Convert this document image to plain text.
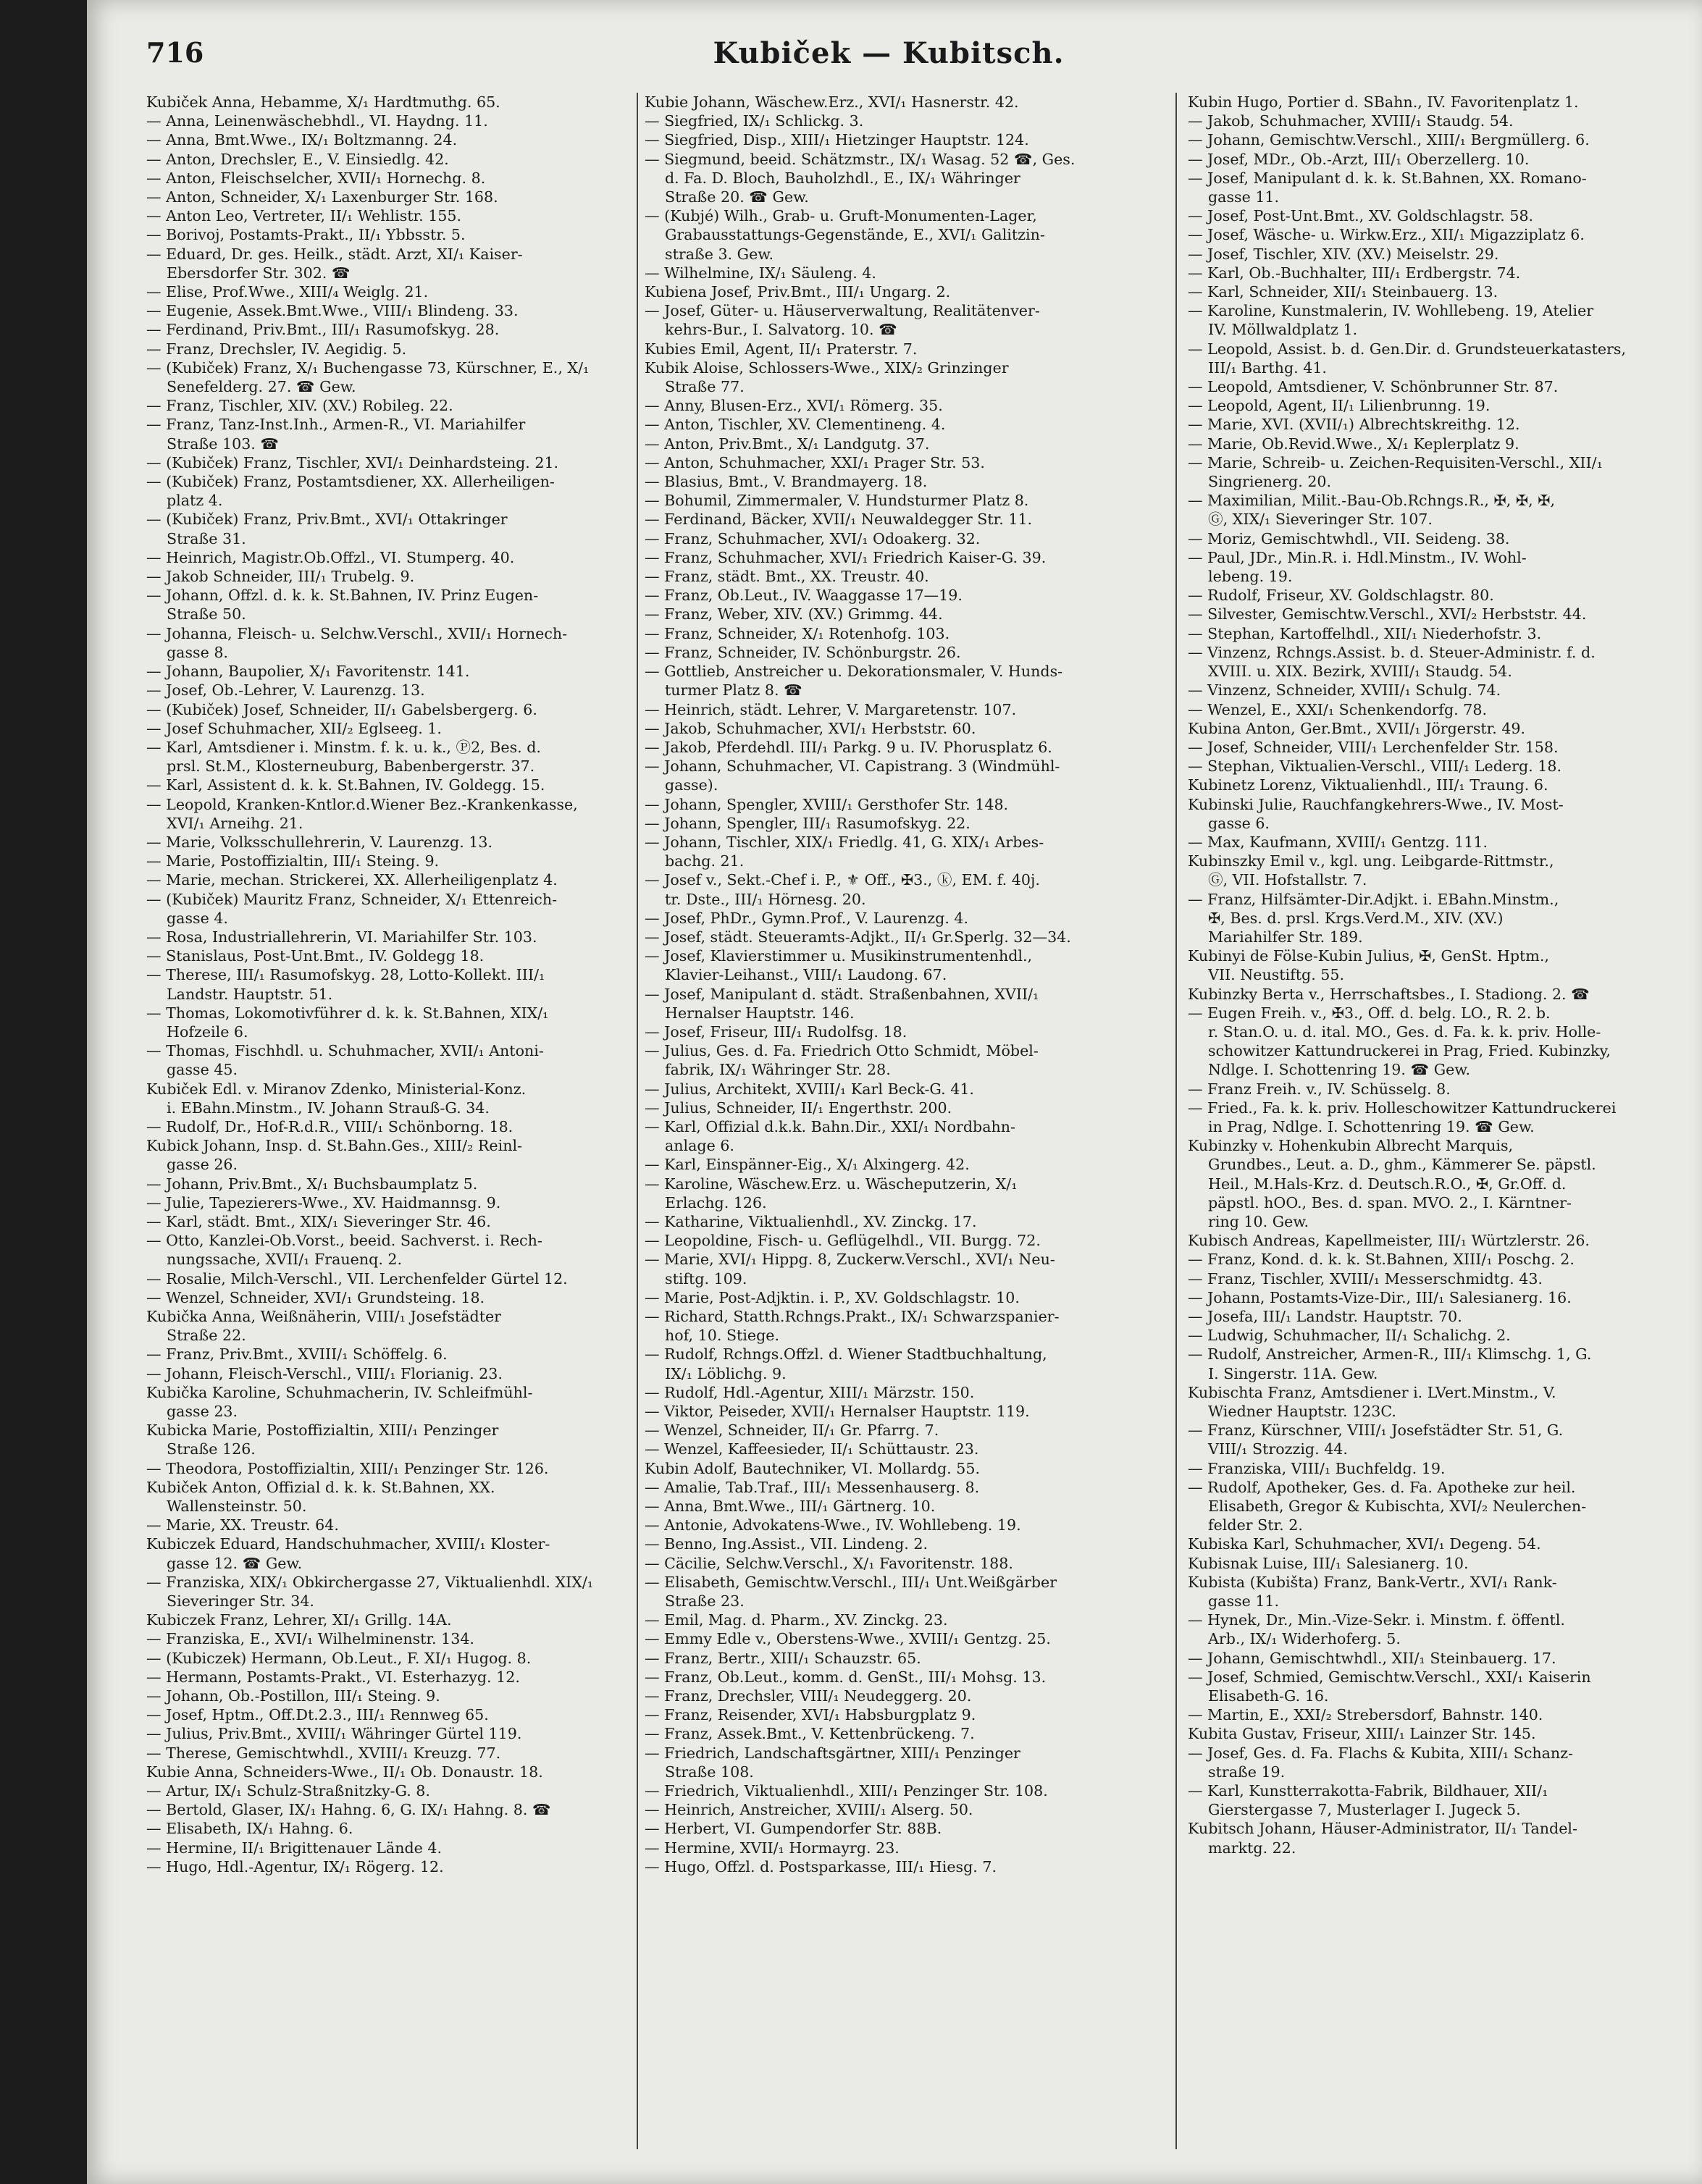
716	Kubiček — Kubitsch.
Kubiček Anna, Hebamme, X/₁ Hardtmuthg. 65.
— Anna, Leinenwäschebhdl., VI. Haydng. 11.
— Anna, Bmt.Wwe., IX/₁ Boltzmanng. 24.
— Anton, Drechsler, E., V. Einsiedlg. 42.
— Anton, Fleischselcher, XVII/₁ Hornechg. 8.
— Anton, Schneider, X/₁ Laxenburger Str. 168.
— Anton Leo, Vertreter, II/₁ Wehlistr. 155.
— Borivoj, Postamts-Prakt., II/₁ Ybbsstr. 5.
— Eduard, Dr. ges. Heilk., städt. Arzt, XI/₁ Kaiser-
Ebersdorfer Str. 302. ☎
— Elise, Prof.Wwe., XIII/₄ Weiglg. 21.
— Eugenie, Assek.Bmt.Wwe., VIII/₁ Blindeng. 33.
— Ferdinand, Priv.Bmt., III/₁ Rasumofskyg. 28.
— Franz, Drechsler, IV. Aegidig. 5.
— (Kubiček) Franz, X/₁ Buchengasse 73, Kürschner, E., X/₁
Senefelderg. 27. ☎ Gew.
— Franz, Tischler, XIV. (XV.) Robileg. 22.
— Franz, Tanz-Inst.Inh., Armen-R., VI. Mariahilfer
Straße 103. ☎
— (Kubiček) Franz, Tischler, XVI/₁ Deinhardsteing. 21.
— (Kubiček) Franz, Postamtsdiener, XX. Allerheiligen-
platz 4.
— (Kubiček) Franz, Priv.Bmt., XVI/₁ Ottakringer
Straße 31.
— Heinrich, Magistr.Ob.Offzl., VI. Stumperg. 40.
— Jakob Schneider, III/₁ Trubelg. 9.
— Johann, Offzl. d. k. k. St.Bahnen, IV. Prinz Eugen-
Straße 50.
— Johanna, Fleisch- u. Selchw.Verschl., XVII/₁ Hornech-
gasse 8.
— Johann, Baupolier, X/₁ Favoritenstr. 141.
— Josef, Ob.-Lehrer, V. Laurenzg. 13.
— (Kubiček) Josef, Schneider, II/₁ Gabelsbergerg. 6.
— Josef Schuhmacher, XII/₂ Eglseeg. 1.
— Karl, Amtsdiener i. Minstm. f. k. u. k., Ⓟ2, Bes. d.
prsl. St.M., Klosterneuburg, Babenbergerstr. 37.
— Karl, Assistent d. k. k. St.Bahnen, IV. Goldegg. 15.
— Leopold, Kranken-Kntlor.d.Wiener Bez.-Krankenkasse,
XVI/₁ Arneihg. 21.
— Marie, Volksschullehrerin, V. Laurenzg. 13.
— Marie, Postoffizialtin, III/₁ Steing. 9.
— Marie, mechan. Strickerei, XX. Allerheiligenplatz 4.
— (Kubiček) Mauritz Franz, Schneider, X/₁ Ettenreich-
gasse 4.
— Rosa, Industriallehrerin, VI. Mariahilfer Str. 103.
— Stanislaus, Post-Unt.Bmt., IV. Goldegg 18.
— Therese, III/₁ Rasumofskyg. 28, Lotto-Kollekt. III/₁
Landstr. Hauptstr. 51.
— Thomas, Lokomotivführer d. k. k. St.Bahnen, XIX/₁
Hofzeile 6.
— Thomas, Fischhdl. u. Schuhmacher, XVII/₁ Antoni-
gasse 45.
Kubiček Edl. v. Miranov Zdenko, Ministerial-Konz.
i. EBahn.Minstm., IV. Johann Strauß-G. 34.
— Rudolf, Dr., Hof-R.d.R., VIII/₁ Schönborng. 18.
Kubick Johann, Insp. d. St.Bahn.Ges., XIII/₂ Reinl-
gasse 26.
— Johann, Priv.Bmt., X/₁ Buchsbaumplatz 5.
— Julie, Tapezierers-Wwe., XV. Haidmannsg. 9.
— Karl, städt. Bmt., XIX/₁ Sieveringer Str. 46.
— Otto, Kanzlei-Ob.Vorst., beeid. Sachverst. i. Rech-
nungssache, XVII/₁ Frauenq. 2.
— Rosalie, Milch-Verschl., VII. Lerchenfelder Gürtel 12.
— Wenzel, Schneider, XVI/₁ Grundsteing. 18.
Kubička Anna, Weißnäherin, VIII/₁ Josefstädter
Straße 22.
— Franz, Priv.Bmt., XVIII/₁ Schöffelg. 6.
— Johann, Fleisch-Verschl., VIII/₁ Florianig. 23.
Kubička Karoline, Schuhmacherin, IV. Schleifmühl-
gasse 23.
Kubicka Marie, Postoffizialtin, XIII/₁ Penzinger
Straße 126.
— Theodora, Postoffizialtin, XIII/₁ Penzinger Str. 126.
Kubiček Anton, Offizial d. k. k. St.Bahnen, XX.
Wallensteinstr. 50.
— Marie, XX. Treustr. 64.
Kubiczek Eduard, Handschuhmacher, XVIII/₁ Kloster-
gasse 12. ☎ Gew.
— Franziska, XIX/₁ Obkirchergasse 27, Viktualienhdl. XIX/₁
Sieveringer Str. 34.
Kubiczek Franz, Lehrer, XI/₁ Grillg. 14A.
— Franziska, E., XVI/₁ Wilhelminenstr. 134.
— (Kubiczek) Hermann, Ob.Leut., F. XI/₁ Hugog. 8.
— Hermann, Postamts-Prakt., VI. Esterhazyg. 12.
— Johann, Ob.-Postillon, III/₁ Steing. 9.
— Josef, Hptm., Off.Dt.2.3., III/₁ Rennweg 65.
— Julius, Priv.Bmt., XVIII/₁ Währinger Gürtel 119.
— Therese, Gemischtwhdl., XVIII/₁ Kreuzg. 77.
Kubie Anna, Schneiders-Wwe., II/₁ Ob. Donaustr. 18.
— Artur, IX/₁ Schulz-Straßnitzky-G. 8.
— Bertold, Glaser, IX/₁ Hahng. 6, G. IX/₁ Hahng. 8. ☎
— Elisabeth, IX/₁ Hahng. 6.
— Hermine, II/₁ Brigittenauer Lände 4.
— Hugo, Hdl.-Agentur, IX/₁ Rögerg. 12.
Kubie Johann, Wäschew.Erz., XVI/₁ Hasnerstr. 42.
— Siegfried, IX/₁ Schlickg. 3.
— Siegfried, Disp., XIII/₁ Hietzinger Hauptstr. 124.
— Siegmund, beeid. Schätzmstr., IX/₁ Wasag. 52 ☎, Ges.
d. Fa. D. Bloch, Bauholzhdl., E., IX/₁ Währinger
Straße 20. ☎ Gew.
— (Kubjé) Wilh., Grab- u. Gruft-Monumenten-Lager,
Grabausstattungs-Gegenstände, E., XVI/₁ Galitzin-
straße 3. Gew.
— Wilhelmine, IX/₁ Säuleng. 4.
Kubiena Josef, Priv.Bmt., III/₁ Ungarg. 2.
— Josef, Güter- u. Häuserverwaltung, Realitätenver-
kehrs-Bur., I. Salvatorg. 10. ☎
Kubies Emil, Agent, II/₁ Praterstr. 7.
Kubik Aloise, Schlossers-Wwe., XIX/₂ Grinzinger
Straße 77.
— Anny, Blusen-Erz., XVI/₁ Römerg. 35.
— Anton, Tischler, XV. Clementineng. 4.
— Anton, Priv.Bmt., X/₁ Landgutg. 37.
— Anton, Schuhmacher, XXI/₁ Prager Str. 53.
— Blasius, Bmt., V. Brandmayerg. 18.
— Bohumil, Zimmermaler, V. Hundsturmer Platz 8.
— Ferdinand, Bäcker, XVII/₁ Neuwaldegger Str. 11.
— Franz, Schuhmacher, XVI/₁ Odoakerg. 32.
— Franz, Schuhmacher, XVI/₁ Friedrich Kaiser-G. 39.
— Franz, städt. Bmt., XX. Treustr. 40.
— Franz, Ob.Leut., IV. Waaggasse 17—19.
— Franz, Weber, XIV. (XV.) Grimmg. 44.
— Franz, Schneider, X/₁ Rotenhofg. 103.
— Franz, Schneider, IV. Schönburgstr. 26.
— Gottlieb, Anstreicher u. Dekorationsmaler, V. Hunds-
turmer Platz 8. ☎
— Heinrich, städt. Lehrer, V. Margaretenstr. 107.
— Jakob, Schuhmacher, XVI/₁ Herbststr. 60.
— Jakob, Pferdehdl. III/₁ Parkg. 9 u. IV. Phorusplatz 6.
— Johann, Schuhmacher, VI. Capistrang. 3 (Windmühl-
gasse).
— Johann, Spengler, XVIII/₁ Gersthofer Str. 148.
— Johann, Spengler, III/₁ Rasumofskyg. 22.
— Johann, Tischler, XIX/₁ Friedlg. 41, G. XIX/₁ Arbes-
bachg. 21.
— Josef v., Sekt.-Chef i. P., ⚜ Off., ✠3., ⓚ, EM. f. 40j.
tr. Dste., III/₁ Hörnesg. 20.
— Josef, PhDr., Gymn.Prof., V. Laurenzg. 4.
— Josef, städt. Steueramts-Adjkt., II/₁ Gr.Sperlg. 32—34.
— Josef, Klavierstimmer u. Musikinstrumentenhdl.,
Klavier-Leihanst., VIII/₁ Laudong. 67.
— Josef, Manipulant d. städt. Straßenbahnen, XVII/₁
Hernalser Hauptstr. 146.
— Josef, Friseur, III/₁ Rudolfsg. 18.
— Julius, Ges. d. Fa. Friedrich Otto Schmidt, Möbel-
fabrik, IX/₁ Währinger Str. 28.
— Julius, Architekt, XVIII/₁ Karl Beck-G. 41.
— Julius, Schneider, II/₁ Engerthstr. 200.
— Karl, Offizial d.k.k. Bahn.Dir., XXI/₁ Nordbahn-
anlage 6.
— Karl, Einspänner-Eig., X/₁ Alxingerg. 42.
— Karoline, Wäschew.Erz. u. Wäscheputzerin, X/₁
Erlachg. 126.
— Katharine, Viktualienhdl., XV. Zinckg. 17.
— Leopoldine, Fisch- u. Geflügelhdl., VII. Burgg. 72.
— Marie, XVI/₁ Hippg. 8, Zuckerw.Verschl., XVI/₁ Neu-
stiftg. 109.
— Marie, Post-Adjktin. i. P., XV. Goldschlagstr. 10.
— Richard, Statth.Rchngs.Prakt., IX/₁ Schwarzspanier-
hof, 10. Stiege.
— Rudolf, Rchngs.Offzl. d. Wiener Stadtbuchhaltung,
IX/₁ Löblichg. 9.
— Rudolf, Hdl.-Agentur, XIII/₁ Märzstr. 150.
— Viktor, Peiseder, XVII/₁ Hernalser Hauptstr. 119.
— Wenzel, Schneider, II/₁ Gr. Pfarrg. 7.
— Wenzel, Kaffeesieder, II/₁ Schüttaustr. 23.
Kubin Adolf, Bautechniker, VI. Mollardg. 55.
— Amalie, Tab.Traf., III/₁ Messenhauserg. 8.
— Anna, Bmt.Wwe., III/₁ Gärtnerg. 10.
— Antonie, Advokatens-Wwe., IV. Wohllebeng. 19.
— Benno, Ing.Assist., VII. Lindeng. 2.
— Cäcilie, Selchw.Verschl., X/₁ Favoritenstr. 188.
— Elisabeth, Gemischtw.Verschl., III/₁ Unt.Weißgärber
Straße 23.
— Emil, Mag. d. Pharm., XV. Zinckg. 23.
— Emmy Edle v., Oberstens-Wwe., XVIII/₁ Gentzg. 25.
— Franz, Bertr., XIII/₁ Schauzstr. 65.
— Franz, Ob.Leut., komm. d. GenSt., III/₁ Mohsg. 13.
— Franz, Drechsler, VIII/₁ Neudeggerg. 20.
— Franz, Reisender, XVI/₁ Habsburgplatz 9.
— Franz, Assek.Bmt., V. Kettenbrückeng. 7.
— Friedrich, Landschaftsgärtner, XIII/₁ Penzinger
Straße 108.
— Friedrich, Viktualienhdl., XIII/₁ Penzinger Str. 108.
— Heinrich, Anstreicher, XVIII/₁ Alserg. 50.
— Herbert, VI. Gumpendorfer Str. 88B.
— Hermine, XVII/₁ Hormayrg. 23.
— Hugo, Offzl. d. Postsparkasse, III/₁ Hiesg. 7.
Kubin Hugo, Portier d. SBahn., IV. Favoritenplatz 1.
— Jakob, Schuhmacher, XVIII/₁ Staudg. 54.
— Johann, Gemischtw.Verschl., XIII/₁ Bergmüllerg. 6.
— Josef, MDr., Ob.-Arzt, III/₁ Oberzellerg. 10.
— Josef, Manipulant d. k. k. St.Bahnen, XX. Romano-
gasse 11.
— Josef, Post-Unt.Bmt., XV. Goldschlagstr. 58.
— Josef, Wäsche- u. Wirkw.Erz., XII/₁ Migazziplatz 6.
— Josef, Tischler, XIV. (XV.) Meiselstr. 29.
— Karl, Ob.-Buchhalter, III/₁ Erdbergstr. 74.
— Karl, Schneider, XII/₁ Steinbauerg. 13.
— Karoline, Kunstmalerin, IV. Wohllebeng. 19, Atelier
IV. Möllwaldplatz 1.
— Leopold, Assist. b. d. Gen.Dir. d. Grundsteuerkatasters,
III/₁ Barthg. 41.
— Leopold, Amtsdiener, V. Schönbrunner Str. 87.
— Leopold, Agent, II/₁ Lilienbrunng. 19.
— Marie, XVI. (XVII/₁) Albrechtskreithg. 12.
— Marie, Ob.Revid.Wwe., X/₁ Keplerplatz 9.
— Marie, Schreib- u. Zeichen-Requisiten-Verschl., XII/₁
Singrienerg. 20.
— Maximilian, Milit.-Bau-Ob.Rchngs.R., ✠, ✠, ✠,
Ⓖ, XIX/₁ Sieveringer Str. 107.
— Moriz, Gemischtwhdl., VII. Seideng. 38.
— Paul, JDr., Min.R. i. Hdl.Minstm., IV. Wohl-
lebeng. 19.
— Rudolf, Friseur, XV. Goldschlagstr. 80.
— Silvester, Gemischtw.Verschl., XVI/₂ Herbststr. 44.
— Stephan, Kartoffelhdl., XII/₁ Niederhofstr. 3.
— Vinzenz, Rchngs.Assist. b. d. Steuer-Administr. f. d.
XVIII. u. XIX. Bezirk, XVIII/₁ Staudg. 54.
— Vinzenz, Schneider, XVIII/₁ Schulg. 74.
— Wenzel, E., XXI/₁ Schenkendorfg. 78.
Kubina Anton, Ger.Bmt., XVII/₁ Jörgerstr. 49.
— Josef, Schneider, VIII/₁ Lerchenfelder Str. 158.
— Stephan, Viktualien-Verschl., VIII/₁ Lederg. 18.
Kubinetz Lorenz, Viktualienhdl., III/₁ Traung. 6.
Kubinski Julie, Rauchfangkehrers-Wwe., IV. Most-
gasse 6.
— Max, Kaufmann, XVIII/₁ Gentzg. 111.
Kubinszky Emil v., kgl. ung. Leibgarde-Rittmstr.,
Ⓖ, VII. Hofstallstr. 7.
— Franz, Hilfsämter-Dir.Adjkt. i. EBahn.Minstm.,
✠, Bes. d. prsl. Krgs.Verd.M., XIV. (XV.)
Mariahilfer Str. 189.
Kubinyi de Fölse-Kubin Julius, ✠, GenSt. Hptm.,
VII. Neustiftg. 55.
Kubinzky Berta v., Herrschaftsbes., I. Stadiong. 2. ☎
— Eugen Freih. v., ✠3., Off. d. belg. LO., R. 2. b.
r. Stan.O. u. d. ital. MO., Ges. d. Fa. k. k. priv. Holle-
schowitzer Kattundruckerei in Prag, Fried. Kubinzky,
Ndlge. I. Schottenring 19. ☎ Gew.
— Franz Freih. v., IV. Schüsselg. 8.
— Fried., Fa. k. k. priv. Holleschowitzer Kattundruckerei
in Prag, Ndlge. I. Schottenring 19. ☎ Gew.
Kubinzky v. Hohenkubin Albrecht Marquis,
Grundbes., Leut. a. D., ghm., Kämmerer Se. päpstl.
Heil., M.Hals-Krz. d. Deutsch.R.O., ✠, Gr.Off. d.
päpstl. hOO., Bes. d. span. MVO. 2., I. Kärntner-
ring 10. Gew.
Kubisch Andreas, Kapellmeister, III/₁ Würtzlerstr. 26.
— Franz, Kond. d. k. k. St.Bahnen, XIII/₁ Poschg. 2.
— Franz, Tischler, XVIII/₁ Messerschmidtg. 43.
— Johann, Postamts-Vize-Dir., III/₁ Salesianerg. 16.
— Josefa, III/₁ Landstr. Hauptstr. 70.
— Ludwig, Schuhmacher, II/₁ Schalichg. 2.
— Rudolf, Anstreicher, Armen-R., III/₁ Klimschg. 1, G.
I. Singerstr. 11A. Gew.
Kubischta Franz, Amtsdiener i. LVert.Minstm., V.
Wiedner Hauptstr. 123C.
— Franz, Kürschner, VIII/₁ Josefstädter Str. 51, G.
VIII/₁ Strozzig. 44.
— Franziska, VIII/₁ Buchfeldg. 19.
— Rudolf, Apotheker, Ges. d. Fa. Apotheke zur heil.
Elisabeth, Gregor & Kubischta, XVI/₂ Neulerchen-
felder Str. 2.
Kubiska Karl, Schuhmacher, XVI/₁ Degeng. 54.
Kubisnak Luise, III/₁ Salesianerg. 10.
Kubista (Kubišta) Franz, Bank-Vertr., XVI/₁ Rank-
gasse 11.
— Hynek, Dr., Min.-Vize-Sekr. i. Minstm. f. öffentl.
Arb., IX/₁ Widerhoferg. 5.
— Johann, Gemischtwhdl., XII/₁ Steinbauerg. 17.
— Josef, Schmied, Gemischtw.Verschl., XXI/₁ Kaiserin
Elisabeth-G. 16.
— Martin, E., XXI/₂ Strebersdorf, Bahnstr. 140.
Kubita Gustav, Friseur, XIII/₁ Lainzer Str. 145.
— Josef, Ges. d. Fa. Flachs & Kubita, XIII/₁ Schanz-
straße 19.
— Karl, Kunstterrakotta-Fabrik, Bildhauer, XII/₁
Gierstergasse 7, Musterlager I. Jugeck 5.
Kubitsch Johann, Häuser-Administrator, II/₁ Tandel-
marktg. 22.
